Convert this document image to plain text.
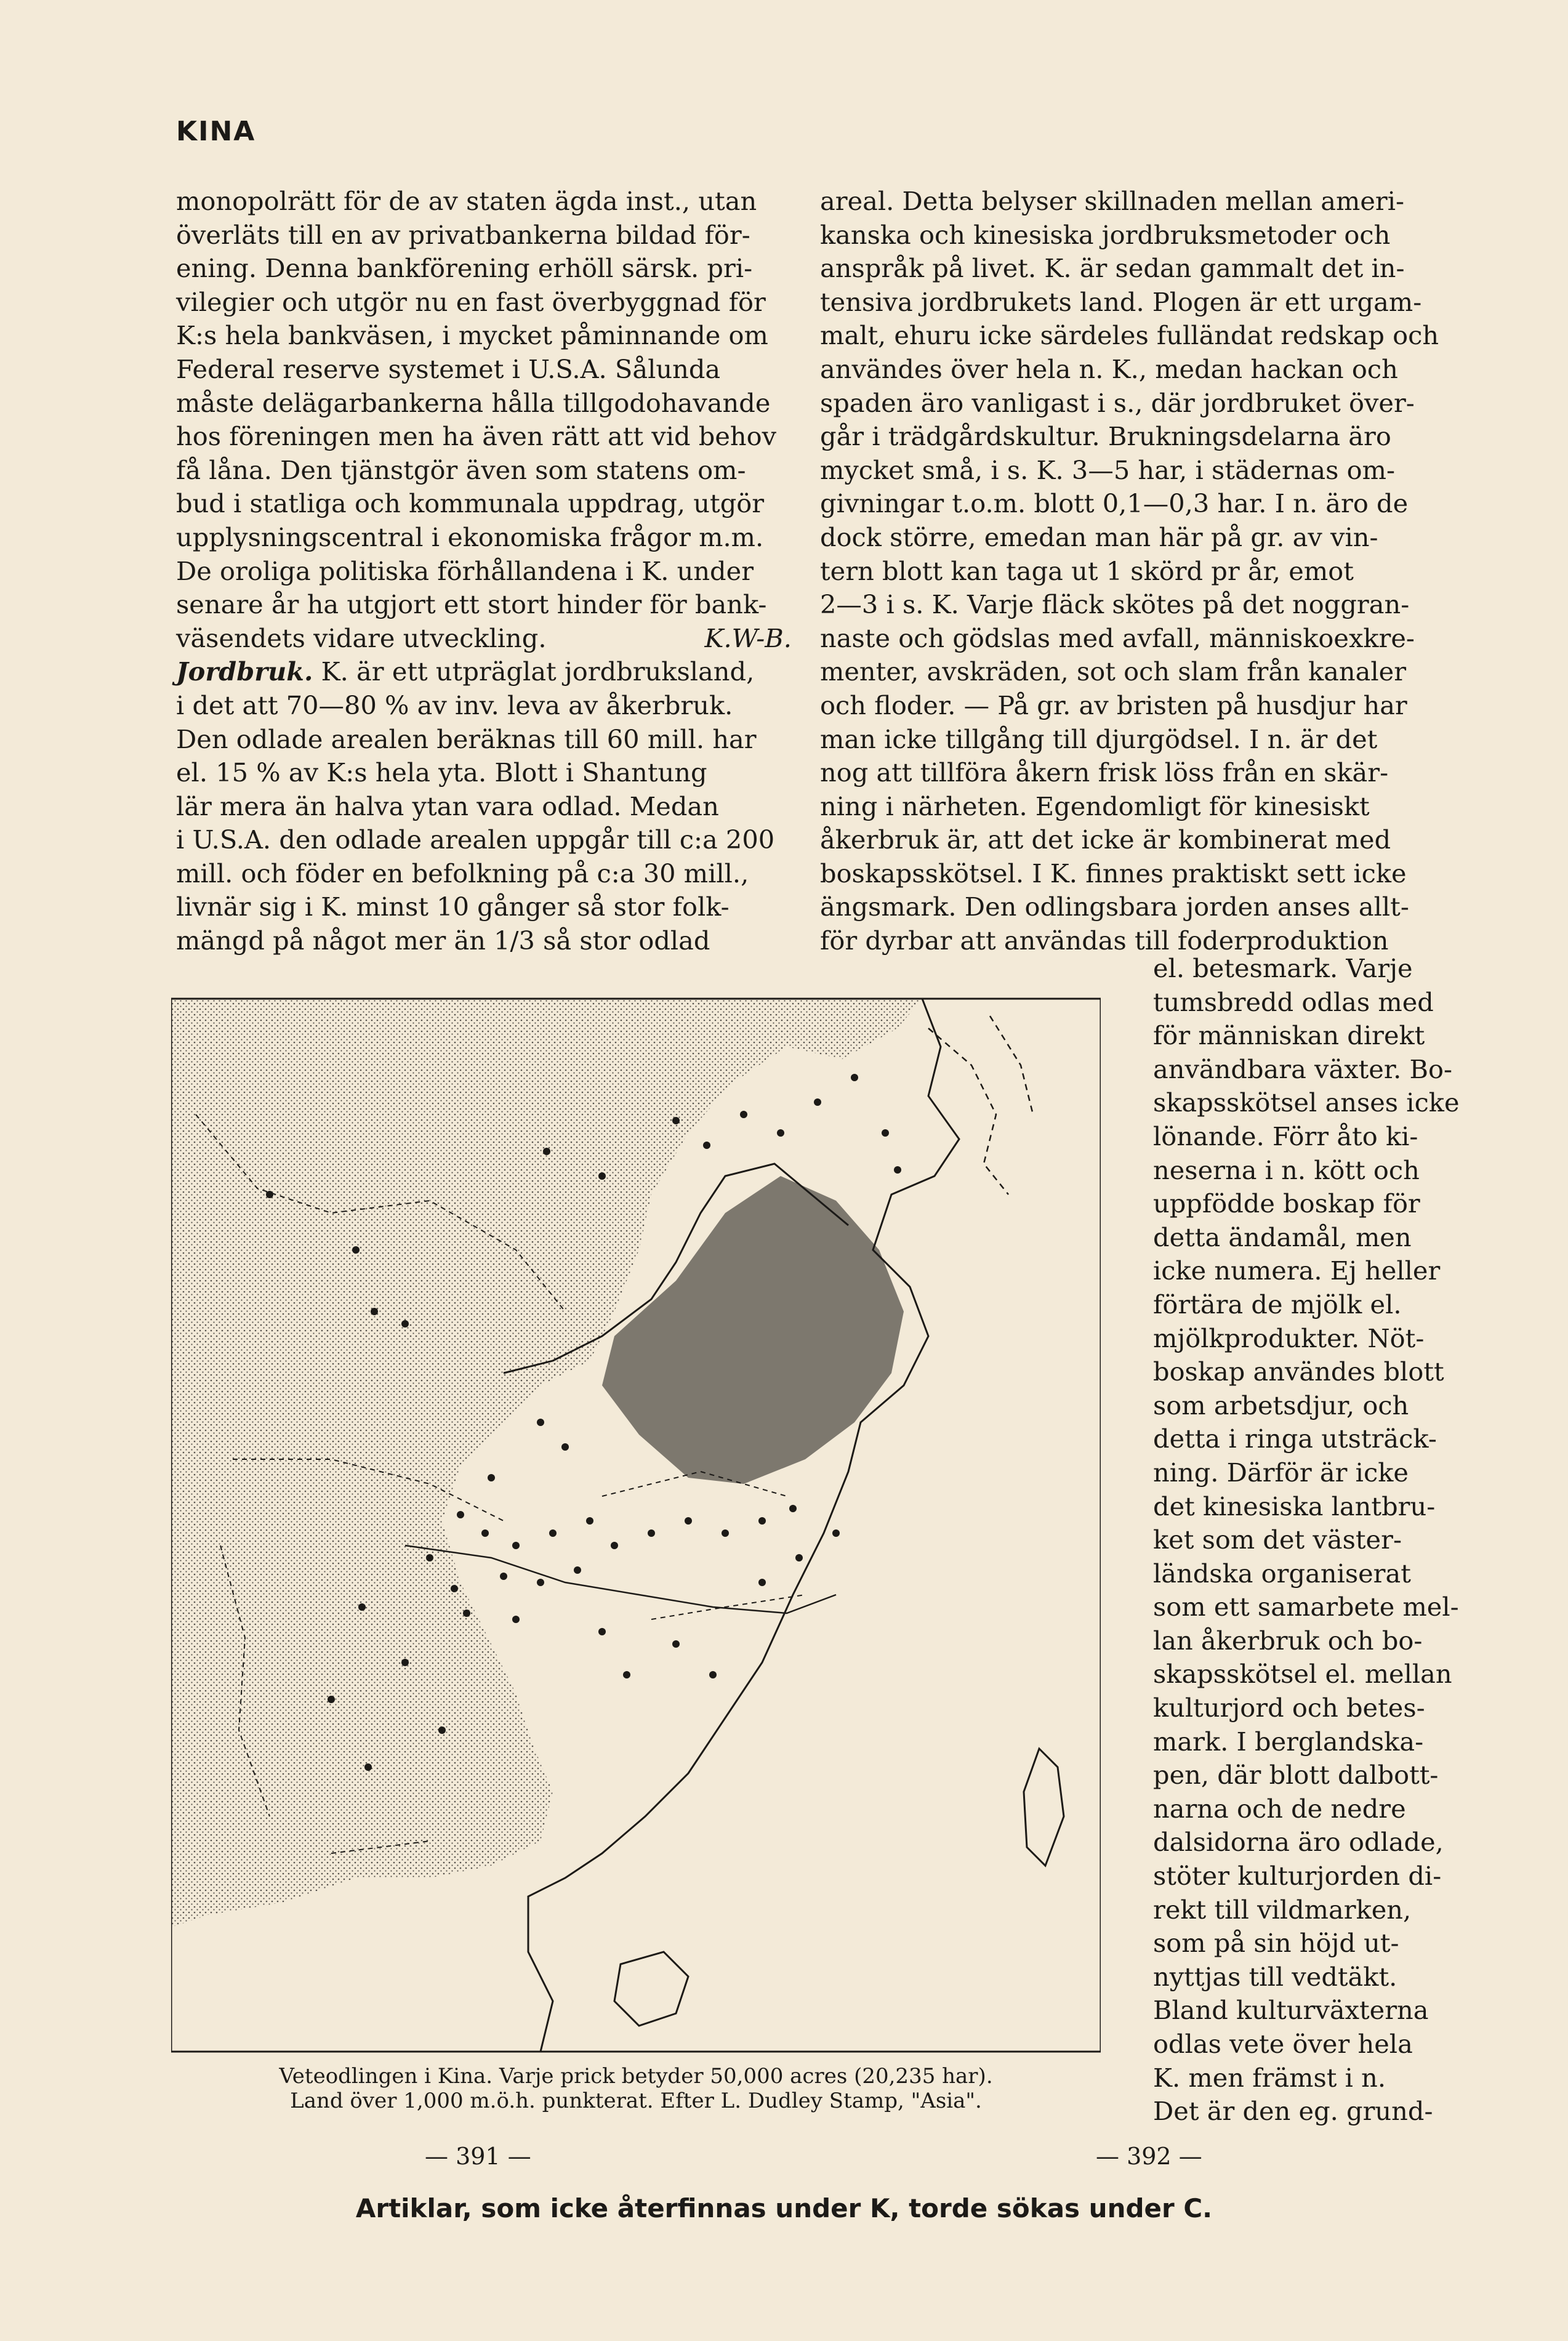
KINA

monopolrätt för de av staten ägda inst., utan
överläts till en av privatbankerna bildad för-
ening. Denna bankförening erhöll särsk. pri-
vilegier och utgör nu en fast överbyggnad för
K:s hela bankväsen, i mycket påminnande om
Federal reserve systemet i U.S.A. Sålunda
måste delägarbankerna hålla tillgodohavande
hos föreningen men ha även rätt att vid behov
få låna. Den tjänstgör även som statens om-
bud i statliga och kommunala uppdrag, utgör
upplysningscentral i ekonomiska frågor m.m.
De oroliga politiska förhållandena i K. under
senare år ha utgjort ett stort hinder för bank-
väsendets vidare utveckling.	K.W-B.

Jordbruk. K. är ett utpräglat jordbruksland,
i det att 70—80 % av inv. leva av åkerbruk.
Den odlade arealen beräknas till 60 mill. har
el. 15 % av K:s hela yta. Blott i Shantung
lär mera än halva ytan vara odlad. Medan
i U.S.A. den odlade arealen uppgår till c:a 200
mill. och föder en befolkning på c:a 30 mill.,
livnär sig i K. minst 10 gånger så stor folk-
mängd på något mer än 1/3 så stor odlad

areal. Detta belyser skillnaden mellan ameri-
kanska och kinesiska jordbruksmetoder och
anspråk på livet. K. är sedan gammalt det in-
tensiva jordbrukets land. Plogen är ett urgam-
malt, ehuru icke särdeles fulländat redskap och
användes över hela n. K., medan hackan och
spaden äro vanligast i s., där jordbruket över-
går i trädgårdskultur. Brukningsdelarna äro
mycket små, i s. K. 3—5 har, i städernas om-
givningar t.o.m. blott 0,1—0,3 har. I n. äro de
dock större, emedan man här på gr. av vin-
tern blott kan taga ut 1 skörd pr år, emot
2—3 i s. K. Varje fläck skötes på det noggran-
naste och gödslas med avfall, människoexkre-
menter, avskräden, sot och slam från kanaler
och floder. — På gr. av bristen på husdjur har
man icke tillgång till djurgödsel. I n. är det
nog att tillföra åkern frisk löss från en skär-
ning i närheten. Egendomligt för kinesiskt
åkerbruk är, att det icke är kombinerat med
boskapsskötsel. I K. finnes praktiskt sett icke
ängsmark. Den odlingsbara jorden anses allt-
för dyrbar att användas till foderproduktion

el. betesmark. Varje
tumsbredd odlas med
för människan direkt
användbara växter. Bo-
skapsskötsel anses icke
lönande. Förr åto ki-
neserna i n. kött och
uppfödde boskap för
detta ändamål, men
icke numera. Ej heller
förtära de mjölk el.
mjölkprodukter. Nöt-
boskap användes blott
som arbetsdjur, och
detta i ringa utsträck-
ning. Därför är icke
det kinesiska lantbru-
ket som det väster-
ländska organiserat
som ett samarbete mel-
lan åkerbruk och bo-
skapsskötsel el. mellan
kulturjord och betes-
mark. I berglandska-
pen, där blott dalbott-
narna och de nedre
dalsidorna äro odlade,
stöter kulturjorden di-
rekt till vildmarken,
som på sin höjd ut-
nyttjas till vedtäkt.
Bland kulturväxterna
odlas vete över hela
K. men främst i n.
Det är den eg. grund-
Veteodlingen i Kina. Varje prick betyder 50,000 acres (20,235 har).
Land över 1,000 m.ö.h. punkterat. Efter L. Dudley Stamp, "Asia".
— 391 —	— 392 —
Artiklar, som icke återfinnas under K, torde sökas under C.
